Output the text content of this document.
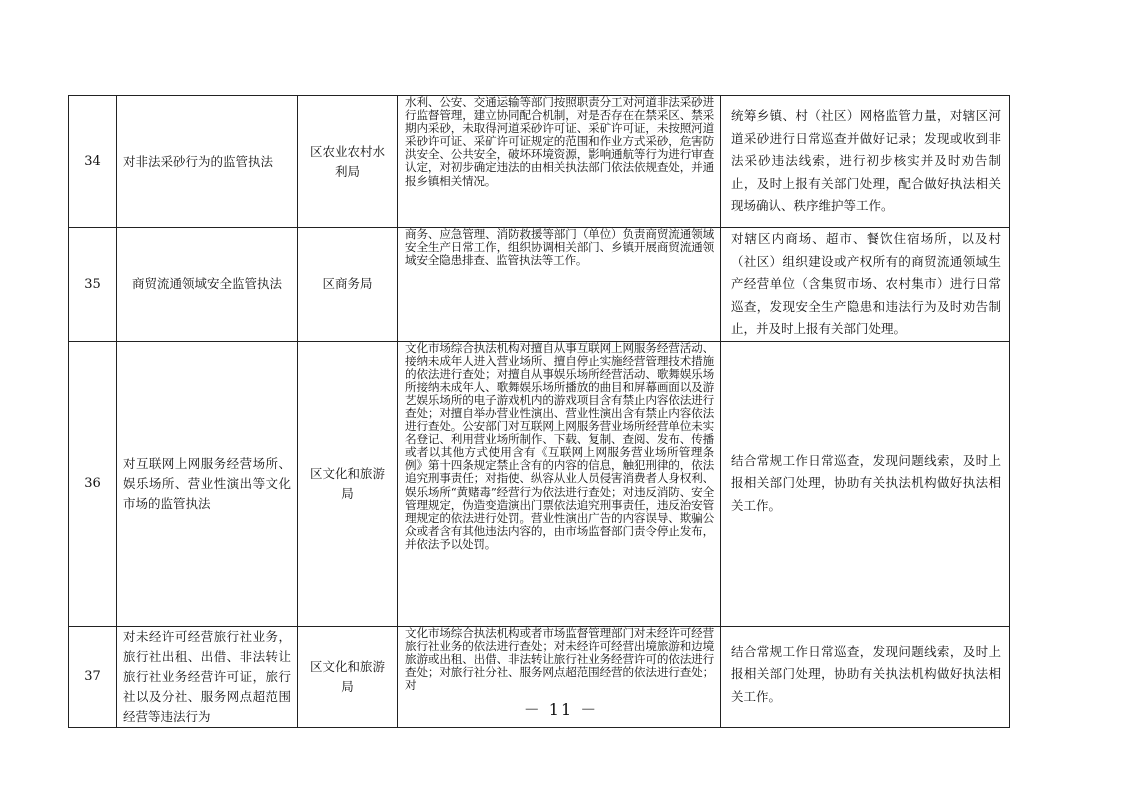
34	对非法采砂行为的监管执法	区农业农村水利局	水利、公安、交通运输等部门按照职责分工对河道非法采砂进行监督管理，建立协同配合机制，对是否存在在禁采区、禁采期内采砂，未取得河道采砂许可证、采矿许可证，未按照河道采砂许可证、采矿许可证规定的范围和作业方式采砂，危害防洪安全、公共安全，破坏环境资源，影响通航等行为进行审查认定，对初步确定违法的由相关执法部门依法依规查处，并通报乡镇相关情况。	统筹乡镇、村（社区）网格监管力量，对辖区河道采砂进行日常巡查并做好记录；发现或收到非法采砂违法线索，进行初步核实并及时劝告制止，及时上报有关部门处理，配合做好执法相关现场确认、秩序维护等工作。
35	商贸流通领域安全监管执法	区商务局	商务、应急管理、消防救援等部门（单位）负责商贸流通领域安全生产日常工作，组织协调相关部门、乡镇开展商贸流通领域安全隐患排查、监管执法等工作。	对辖区内商场、超市、餐饮住宿场所，以及村（社区）组织建设或产权所有的商贸流通领域生产经营单位（含集贸市场、农村集市）进行日常巡查，发现安全生产隐患和违法行为及时劝告制止，并及时上报有关部门处理。
36	对互联网上网服务经营场所、娱乐场所、营业性演出等文化市场的监管执法	区文化和旅游局	文化市场综合执法机构对擅自从事互联网上网服务经营活动、接纳未成年人进入营业场所、擅自停止实施经营管理技术措施的依法进行查处；对擅自从事娱乐场所经营活动、歌舞娱乐场所接纳未成年人、歌舞娱乐场所播放的曲目和屏幕画面以及游艺娱乐场所的电子游戏机内的游戏项目含有禁止内容依法进行查处；对擅自举办营业性演出、营业性演出含有禁止内容依法进行查处。公安部门对互联网上网服务营业场所经营单位未实名登记、利用营业场所制作、下载、复制、查阅、发布、传播或者以其他方式使用含有《互联网上网服务营业场所管理条例》第十四条规定禁止含有的内容的信息，触犯刑律的，依法追究刑事责任；对指使、纵容从业人员侵害消费者人身权利、娱乐场所“黄赌毒”经营行为依法进行查处；对违反消防、安全管理规定，伪造变造演出门票依法追究刑事责任，违反治安管理规定的依法进行处罚。营业性演出广告的内容误导、欺骗公众或者含有其他违法内容的，由市场监督部门责令停止发布，并依法予以处罚。	结合常规工作日常巡查，发现问题线索，及时上报相关部门处理，协助有关执法机构做好执法相关工作。
37	对未经许可经营旅行社业务，旅行社出租、出借、非法转让旅行社业务经营许可证，旅行社以及分社、服务网点超范围经营等违法行为	区文化和旅游局	文化市场综合执法机构或者市场监督管理部门对未经许可经营旅行社业务的依法进行查处；对未经许可经营出境旅游和边境旅游或出租、出借、非法转让旅行社业务经营许可的依法进行查处；对旅行社分社、服务网点超范围经营的依法进行查处；对	结合常规工作日常巡查，发现问题线索，及时上报相关部门处理，协助有关执法机构做好执法相关工作。
－ 11 －
